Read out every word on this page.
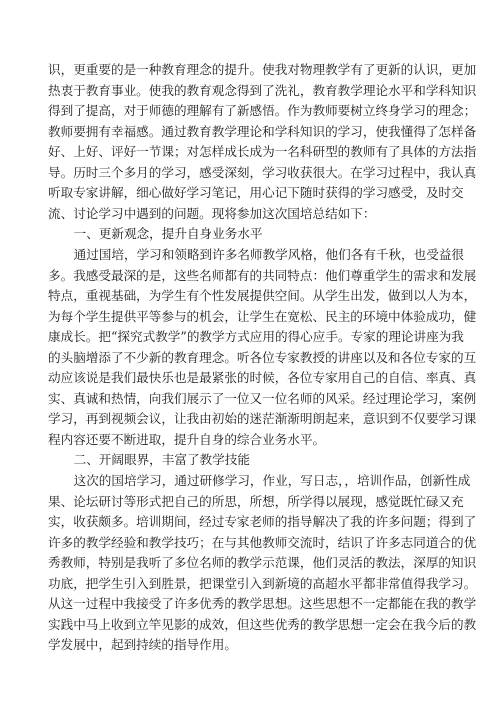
识，更重要的是一种教育理念的提升。使我对物理教学有了更新的认识，更加
热衷于教育事业。使我的教育观念得到了洗礼，教育教学理论水平和学科知识
得到了提高，对于师德的理解有了新感悟。作为教师要树立终身学习的理念；
教师要拥有幸福感。通过教育教学理论和学科知识的学习，使我懂得了怎样备
好、上好、评好一节课；对怎样成长成为一名科研型的教师有了具体的方法指
导。历时三个多月的学习，感受深刻，学习收获很大。在学习过程中，我认真
听取专家讲解，细心做好学习笔记，用心记下随时获得的学习感受，及时交
流、讨论学习中遇到的问题。现将参加这次国培总结如下：
一、更新观念，提升自身业务水平
通过国培，学习和领略到许多名师教学风格，他们各有千秋，也受益很
多。我感受最深的是，这些名师都有的共同特点：他们尊重学生的需求和发展
特点，重视基础，为学生有个性发展提供空间。从学生出发，做到以人为本，
为每个学生提供平等参与的机会，让学生在宽松、民主的环境中体验成功，健
康成长。把“探究式教学”的教学方式应用的得心应手。专家的理论讲座为我
的头脑增添了不少新的教育理念。听各位专家教授的讲座以及和各位专家的互
动应该说是我们最快乐也是最紧张的时候，各位专家用自己的自信、率真、真
实、真诚和热情，向我们展示了一位又一位名师的风采。经过理论学习，案例
学习，再到视频会议，让我由初始的迷茫渐渐明朗起来，意识到不仅要学习课
程内容还要不断进取，提升自身的综合业务水平。
二、开阔眼界，丰富了教学技能
这次的国培学习，通过研修学习，作业，写日志，，培训作品，创新性成
果、论坛研讨等形式把自己的所思，所想，所学得以展现，感觉既忙碌又充
实，收获颇多。培训期间，经过专家老师的指导解决了我的许多问题；得到了
许多的教学经验和教学技巧；在与其他教师交流时，结识了许多志同道合的优
秀教师，特别是我听了多位名师的教学示范课，他们灵活的教法，深厚的知识
功底，把学生引入到胜景，把课堂引入到新境的高超水平都非常值得我学习。
从这一过程中我接受了许多优秀的教学思想。这些思想不一定都能在我的教学
实践中马上收到立竿见影的成效，但这些优秀的教学思想一定会在我今后的教
学发展中，起到持续的指导作用。
